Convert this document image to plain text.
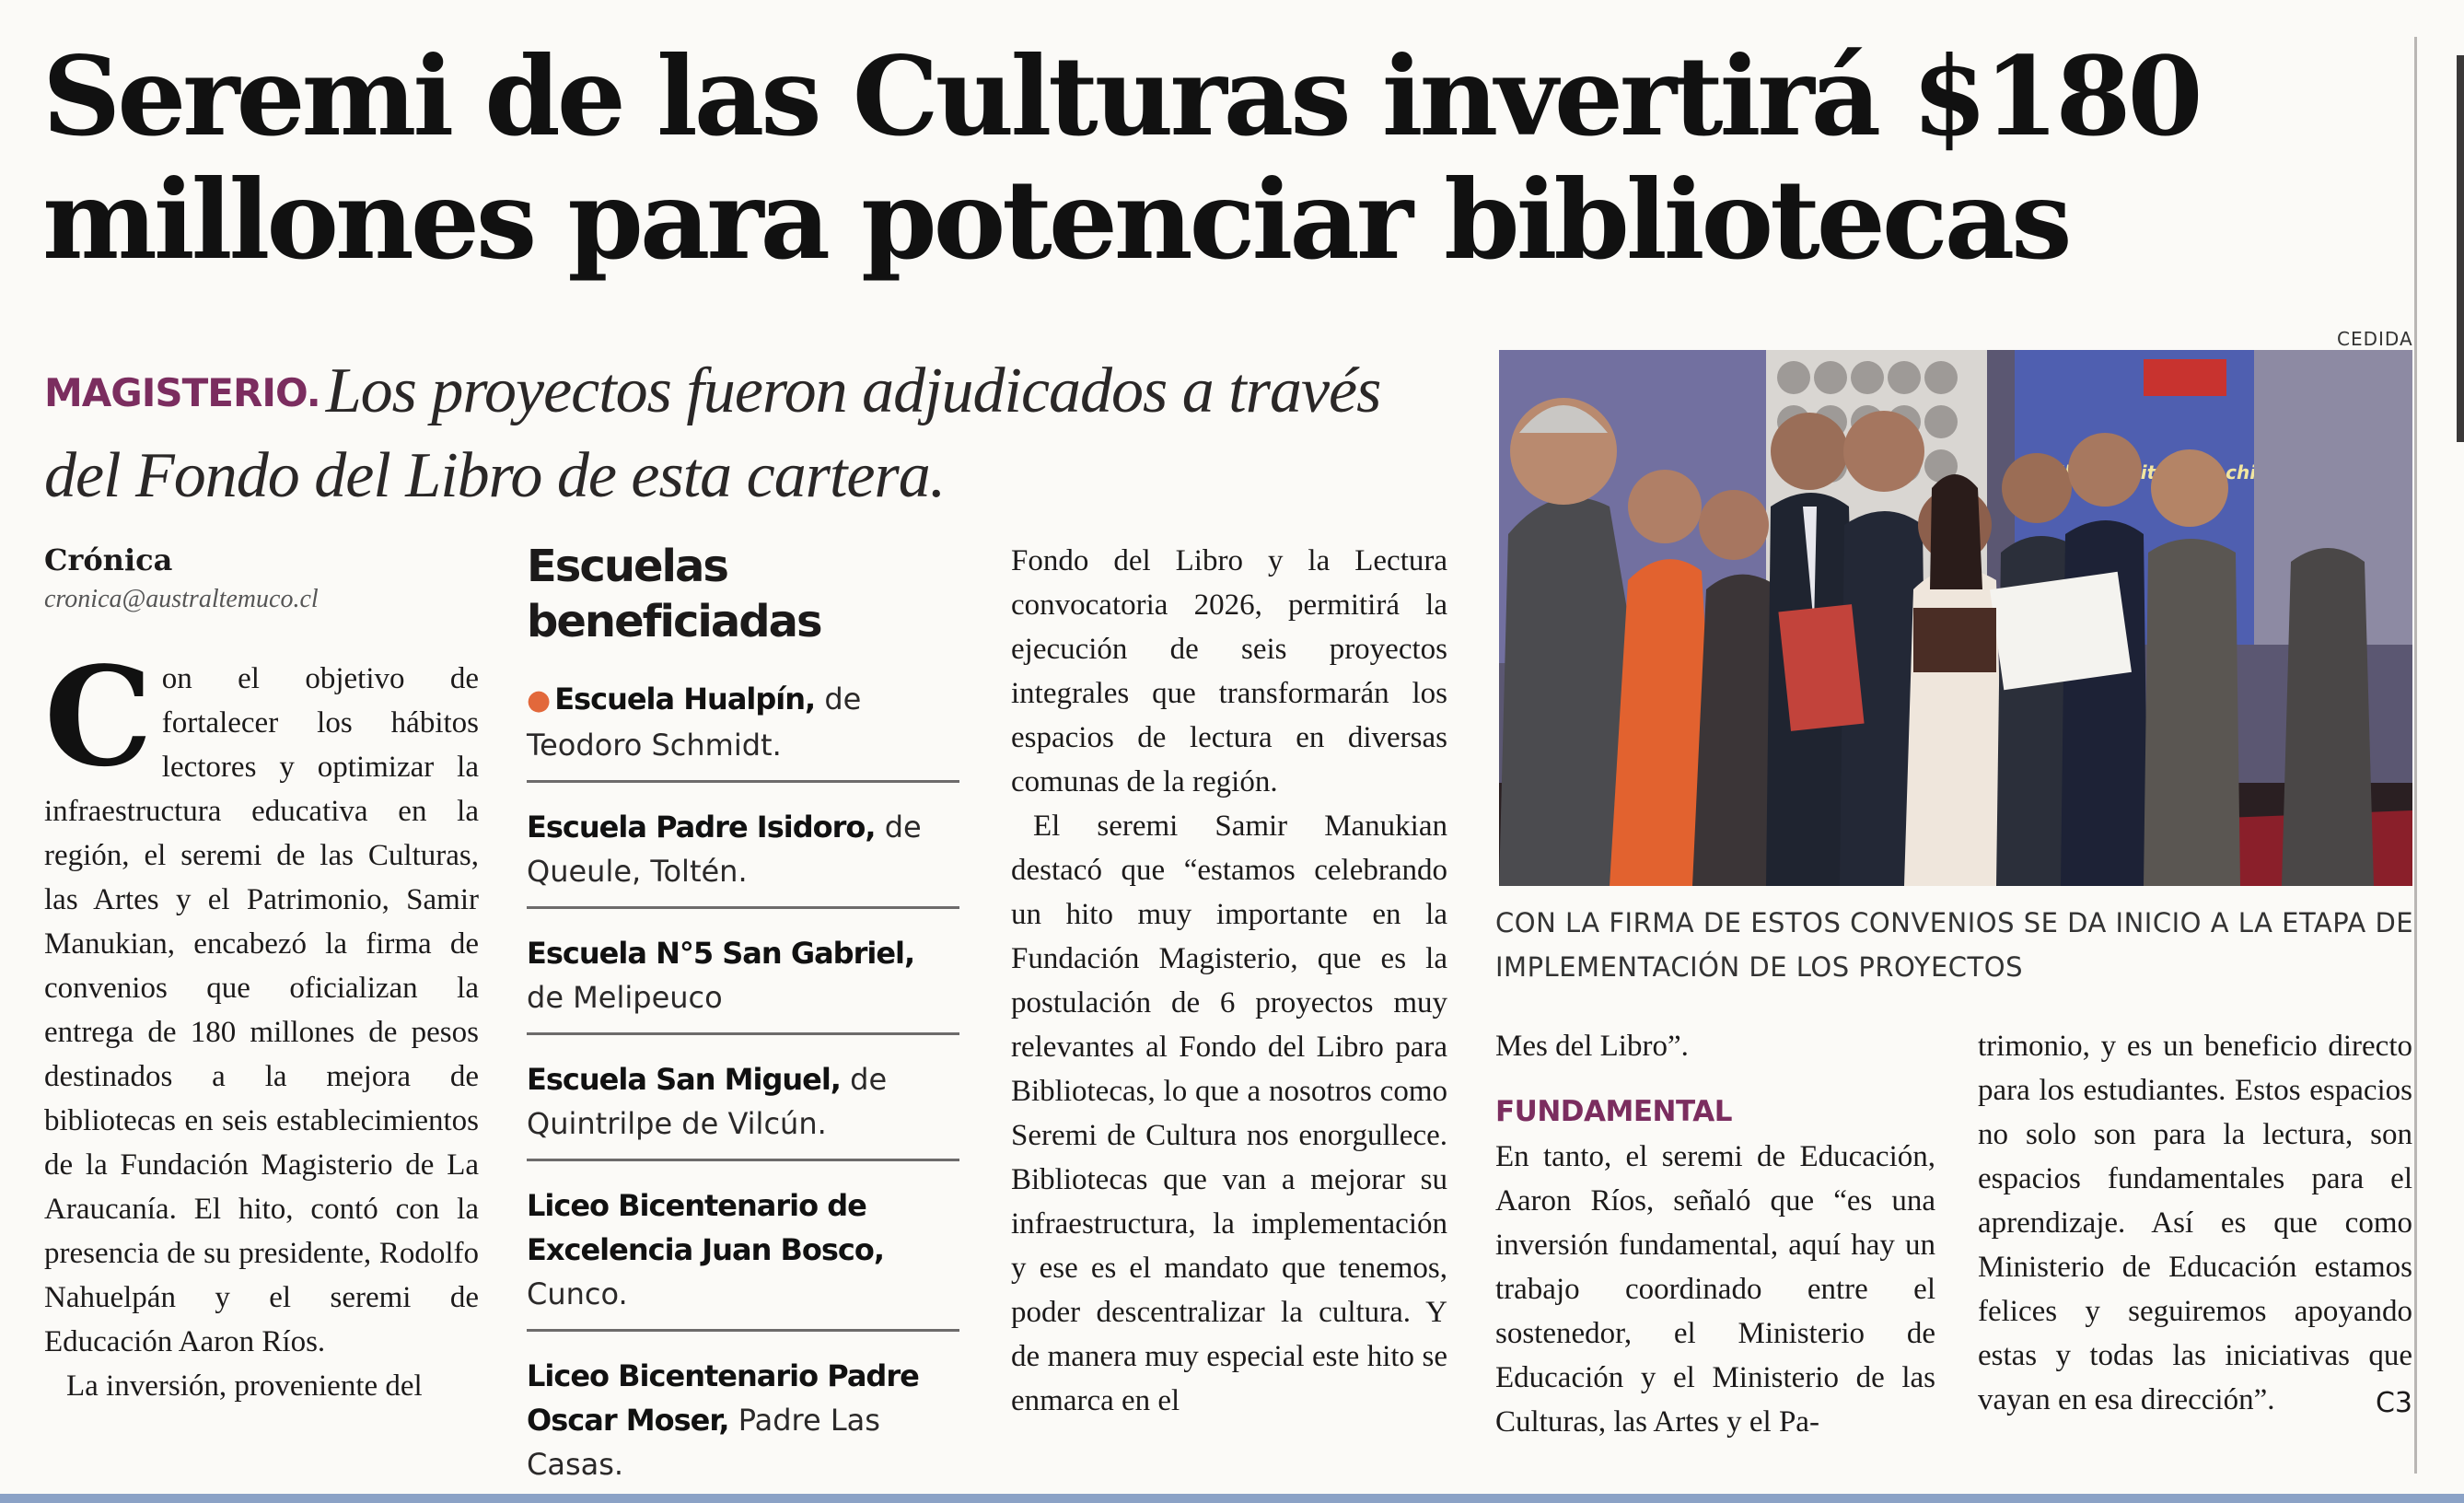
Seremi de las Culturas invertirá $180 millones para potenciar bibliotecas
MAGISTERIO.Los proyectos fueron adjudicados a través del Fondo del Libro de esta cartera.
Crónica
cronica@australtemuco.cl

Con el objetivo de fortalecer los hábitos lectores y optimizar la infraestructura educativa en la región, el seremi de las Culturas, las Artes y el Patrimonio, Samir Manukian, encabezó la firma de convenios que oficializan la entrega de 180 millones de pesos destinados a la mejora de bibliotecas en seis establecimientos de la Fundación Magisterio de La Araucanía. El hito, contó con la presencia de su presidente, Rodolfo Nahuelpán y el seremi de Educación Aaron Ríos.

La inversión, proveniente del

Escuelas beneficiadas
● Escuela Hualpín, de Teodoro Schmidt.
Escuela Padre Isidoro, de Queule, Toltén.
Escuela N°5 San Gabriel, de Melipeuco
Escuela San Miguel, de Quintrilpe de Vilcún.
Liceo Bicentenario de Excelencia Juan Bosco, Cunco.
Liceo Bicentenario Padre Oscar Moser, Padre Las Casas.

Fondo del Libro y la Lectura convocatoria 2026, permitirá la ejecución de seis proyectos integrales que transformarán los espacios de lectura en diversas comunas de la región.

El seremi Samir Manukian destacó que “estamos celebrando un hito muy importante en la Fundación Magisterio, que es la postulación de 6 proyectos muy relevantes al Fondo del Libro para Bibliotecas, lo que a nosotros como Seremi de Cultura nos enorgullece. Bibliotecas que van a mejorar su infraestructura, la implementación y ese es el mandato que tenemos, poder descentralizar la cultura. Y de manera muy especial este hito se enmarca en el

CEDIDA
chile
CON LA FIRMA DE ESTOS CONVENIOS SE DA INICIO A LA ETAPA DE IMPLEMENTACIÓN DE LOS PROYECTOS

Mes del Libro”.

FUNDAMENTAL

En tanto, el seremi de Educación, Aaron Ríos, señaló que “es una inversión fundamental, aquí hay un trabajo coordinado entre el sostenedor, el Ministerio de Educación y el Ministerio de las Culturas, las Artes y el Pa-

trimonio, y es un beneficio directo para los estudiantes. Estos espacios no solo son para la lectura, son espacios fundamentales para el aprendizaje. Así es que como Ministerio de Educación estamos felices y seguiremos apoyando estas y todas las iniciativas que vayan en esa dirección”.	C3
